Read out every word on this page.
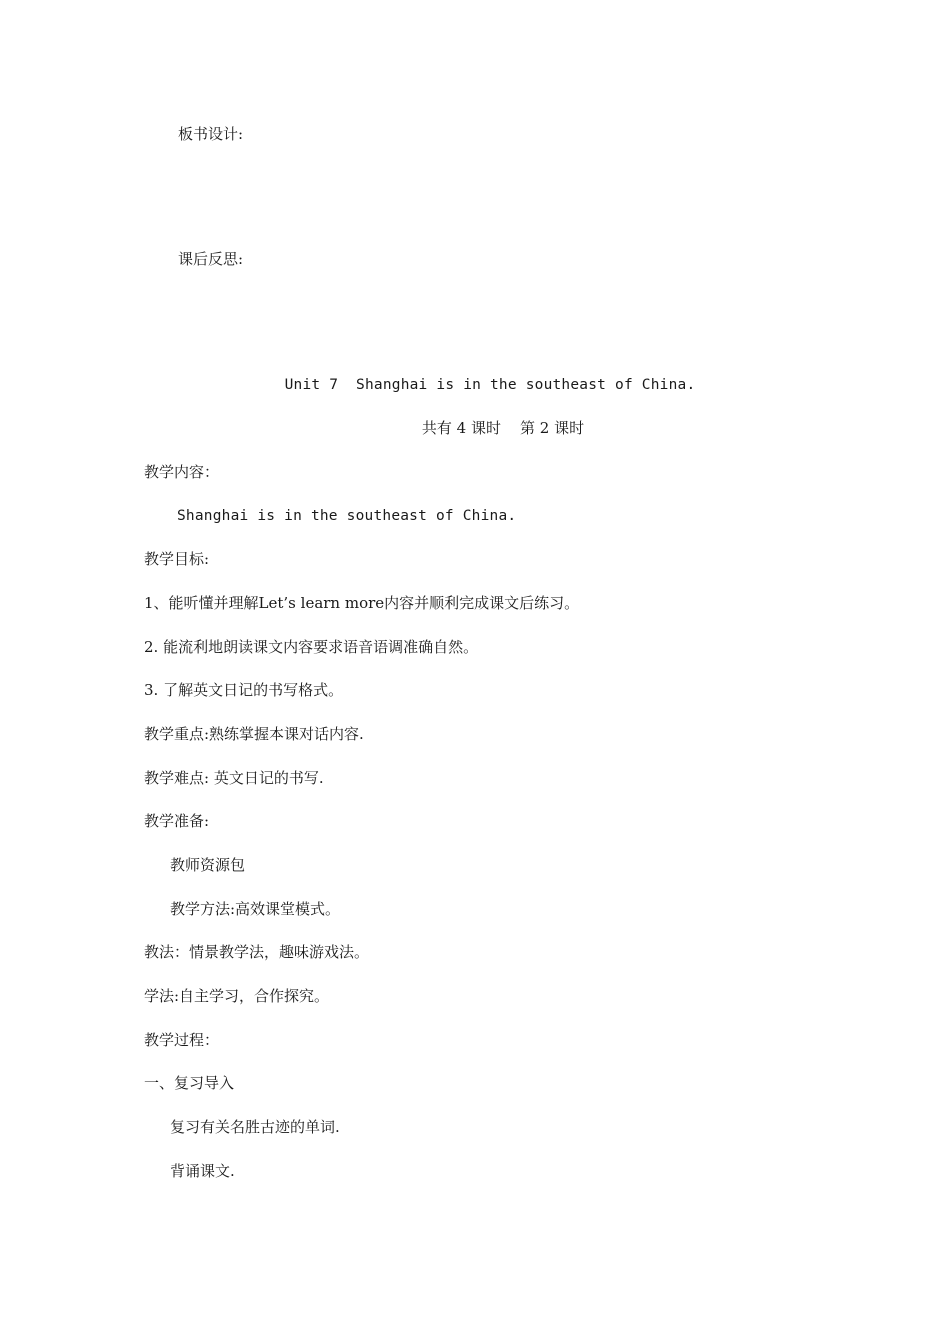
板书设计:
课后反思:
Unit 7  Shanghai is in the southeast of China.
共有 4 课时    第 2 课时
教学内容：
Shanghai is in the southeast of China.
教学目标:
1、能听懂并理解Let’s learn more内容并顺利完成课文后练习。
2. 能流利地朗读课文内容要求语音语调准确自然。
3. 了解英文日记的书写格式。
教学重点:熟练掌握本课对话内容.
教学难点: 英文日记的书写.
教学准备:
教师资源包
教学方法:高效课堂模式。
教法：情景教学法，趣味游戏法。
学法:自主学习，合作探究。
教学过程：
一、复习导入
复习有关名胜古迹的单词.
背诵课文.
